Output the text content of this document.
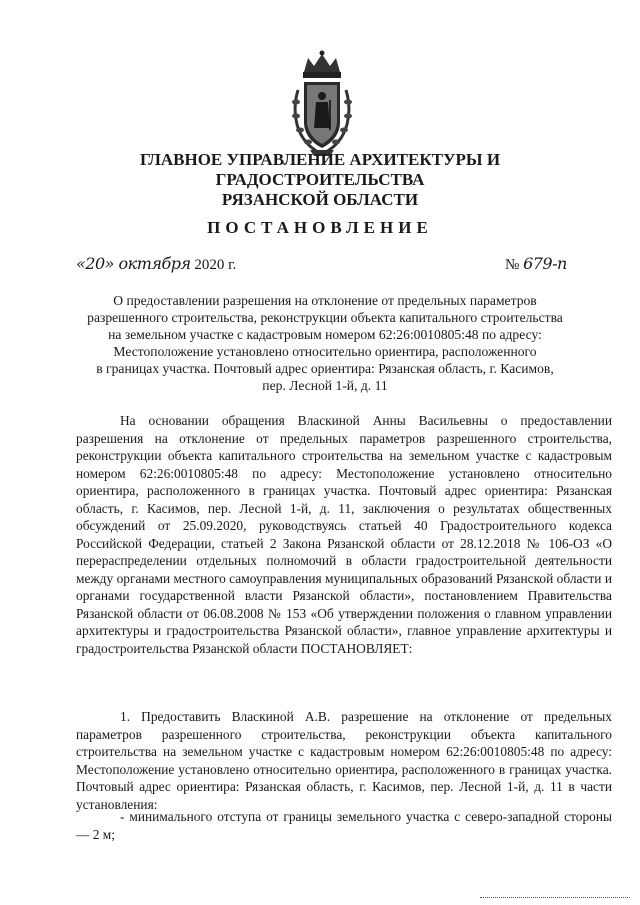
ГЛАВНОЕ УПРАВЛЕНИЕ АРХИТЕКТУРЫ И ГРАДОСТРОИТЕЛЬСТВА
РЯЗАНСКОЙ ОБЛАСТИ
ПОСТАНОВЛЕНИЕ
«20» октября 2020 г.	№ 679-п
О предоставлении разрешения на отклонение от предельных параметров
разрешенного строительства, реконструкции объекта капитального строительства
на земельном участке с кадастровым номером 62:26:0010805:48 по адресу:
Местоположение установлено относительно ориентира, расположенного
в границах участка. Почтовый адрес ориентира: Рязанская область, г. Касимов,
пер. Лесной 1-й, д. 11

На основании обращения Власкиной Анны Васильевны о предоставлении разрешения на отклонение от предельных параметров разрешенного строительства, реконструкции объекта капитального строительства на земельном участке с кадастровым номером 62:26:0010805:48 по адресу: Местоположение установлено относительно ориентира, расположенного в границах участка. Почтовый адрес ориентира: Рязанская область, г. Касимов, пер. Лесной 1-й, д. 11, заключения о результатах общественных обсуждений от 25.09.2020, руководствуясь статьей 40 Градостроительного кодекса Российской Федерации, статьей 2 Закона Рязанской области от 28.12.2018 № 106-ОЗ «О перераспределении отдельных полномочий в области градостроительной деятельности между органами местного самоуправления муниципальных образований Рязанской области и органами государственной власти Рязанской области», постановлением Правительства Рязанской области от 06.08.2008 № 153 «Об утверждении положения о главном управлении архитектуры и градостроительства Рязанской области», главное управление архитектуры и градостроительства Рязанской области ПОСТАНОВЛЯЕТ:

1. Предоставить Власкиной А.В. разрешение на отклонение от предельных параметров разрешенного строительства, реконструкции объекта капитального строительства на земельном участке с кадастровым номером 62:26:0010805:48 по адресу: Местоположение установлено относительно ориентира, расположенного в границах участка. Почтовый адрес ориентира: Рязанская область, г. Касимов, пер. Лесной 1-й, д. 11 в части установления:

- минимального отступа от границы земельного участка с северо-западной стороны — 2 м;
